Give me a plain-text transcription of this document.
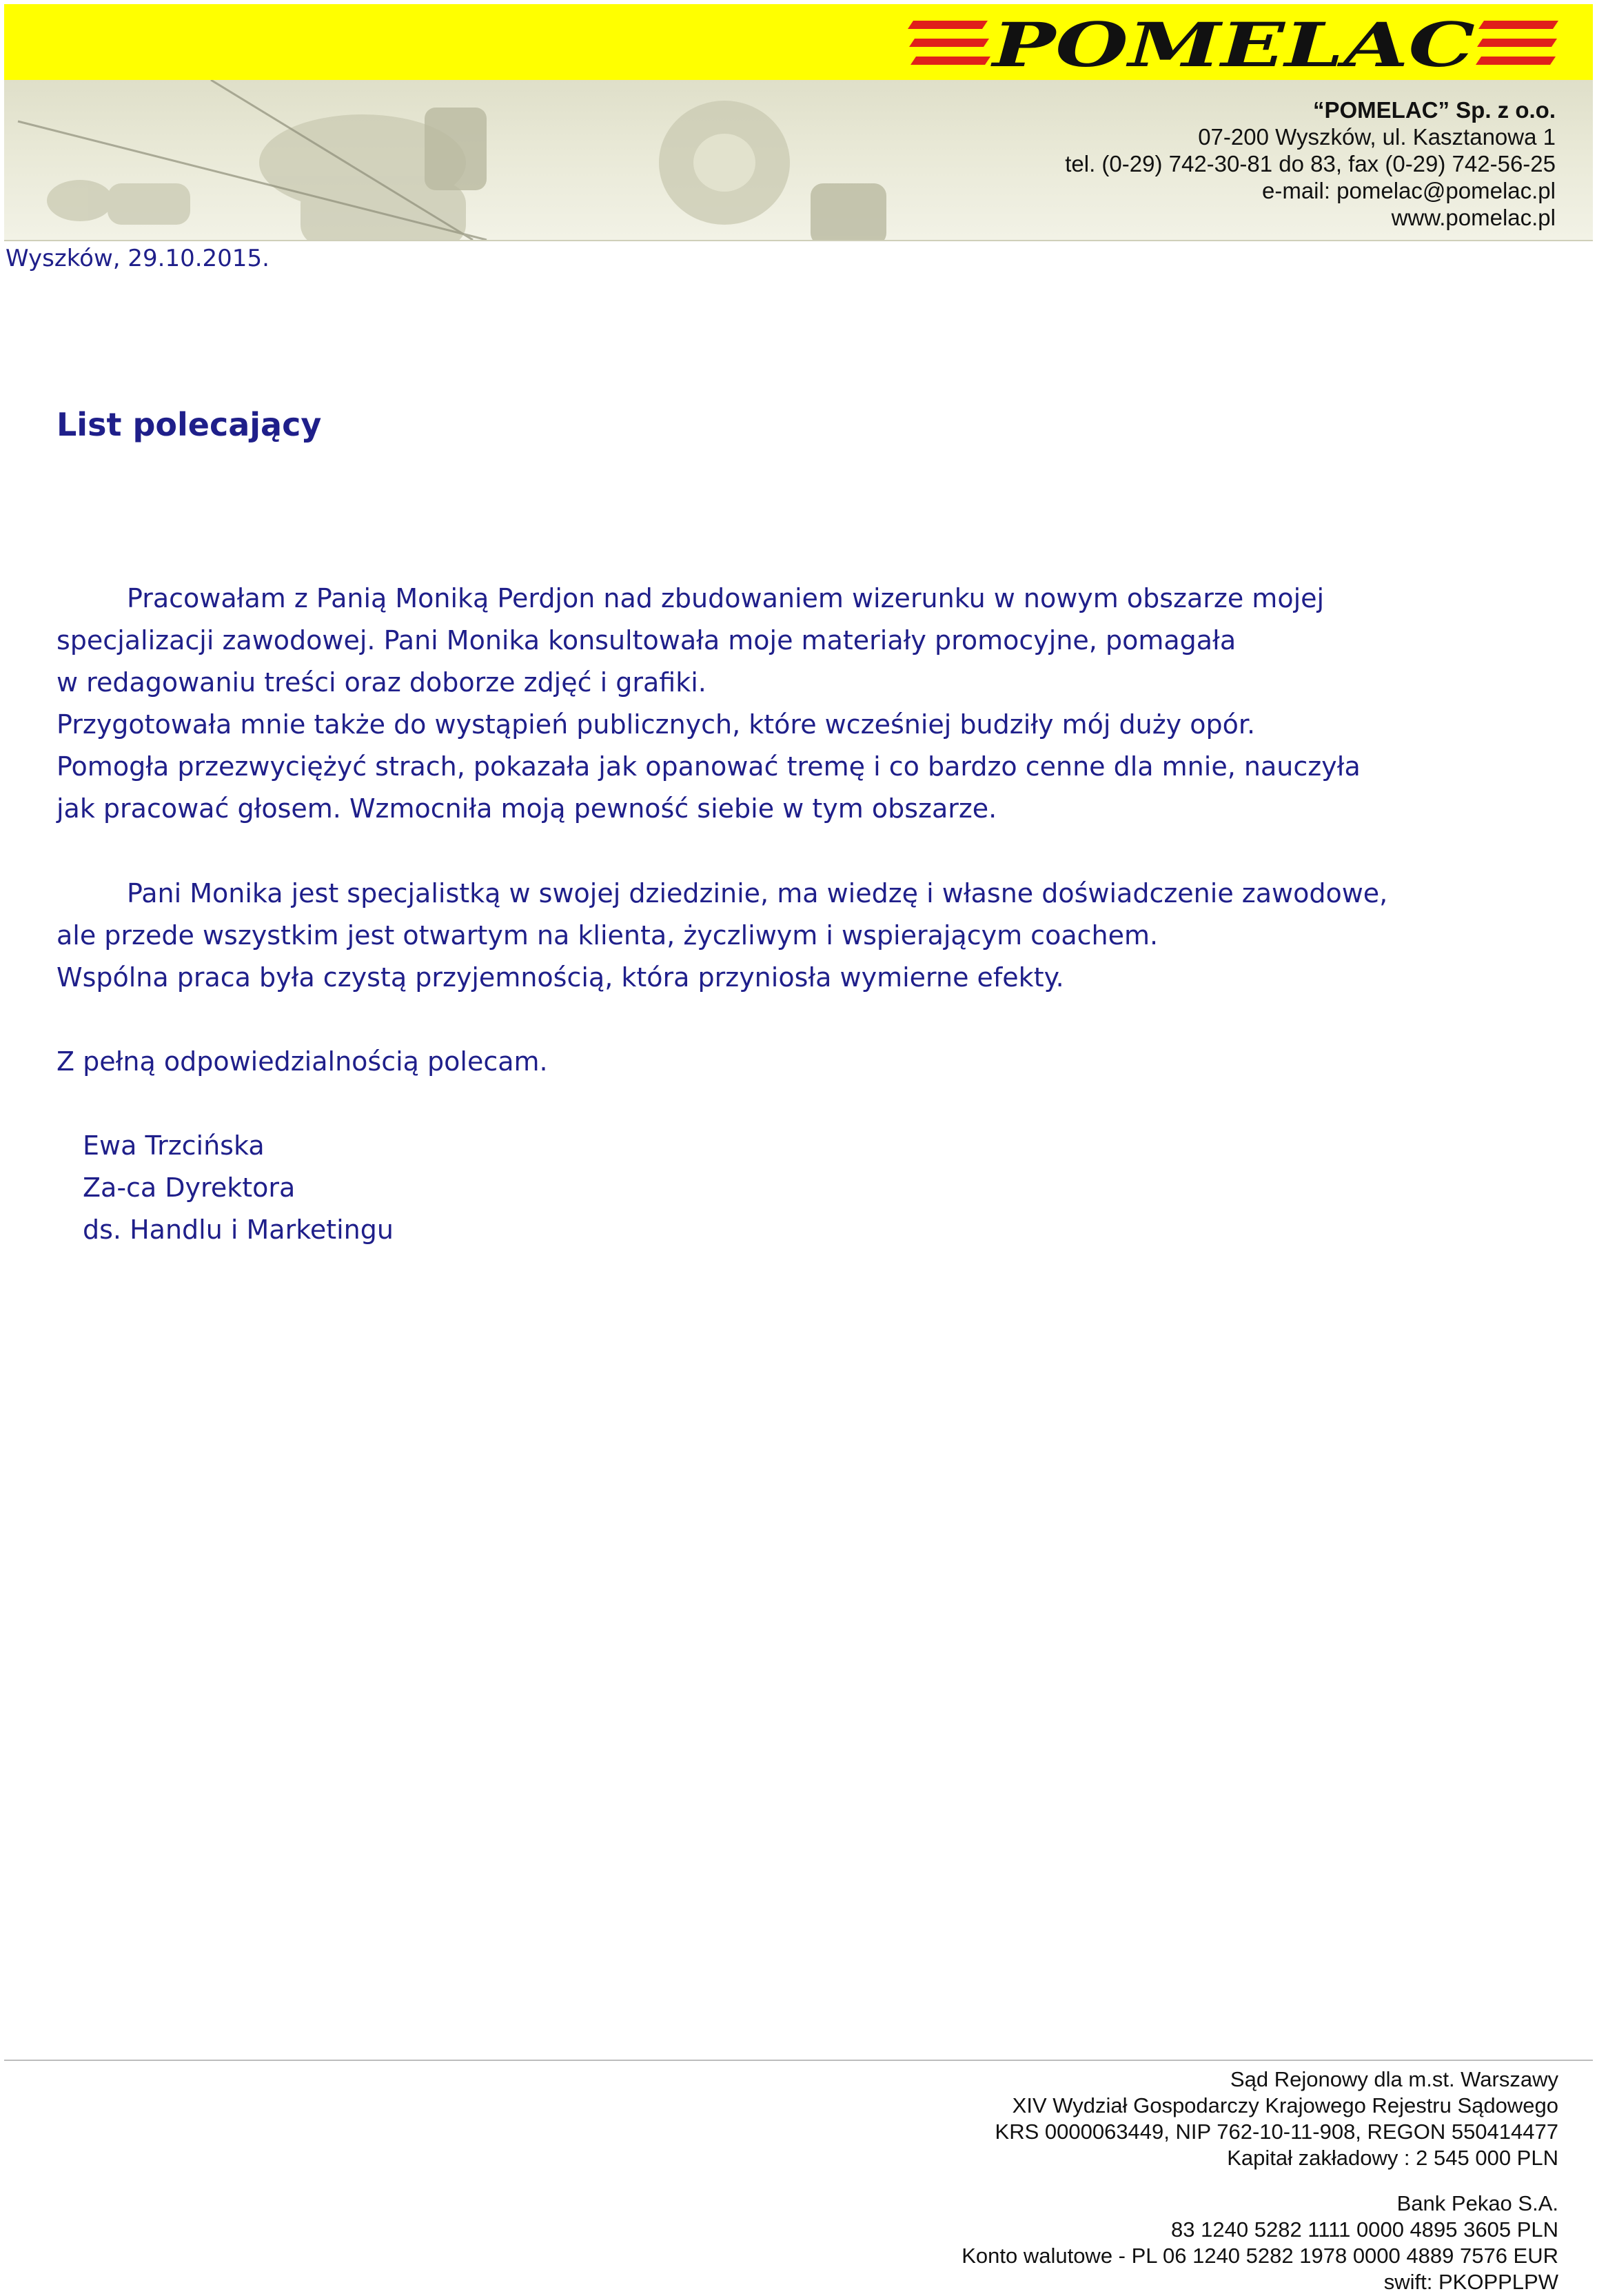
POMELAC
“POMELAC” Sp. z o.o.
07-200 Wyszków, ul. Kasztanowa 1
tel. (0-29) 742-30-81 do 83, fax (0-29) 742-56-25
e-mail: pomelac@pomelac.pl
www.pomelac.pl
Wyszków, 29.10.2015.
List polecający

Pracowałam z Panią Moniką Perdjon nad zbudowaniem wizerunku w nowym obszarze mojej

specjalizacji zawodowej. Pani Monika konsultowała moje materiały promocyjne, pomagała

w redagowaniu treści oraz doborze zdjęć i grafiki.

Przygotowała mnie także do wystąpień publicznych, które wcześniej budziły mój duży opór.

Pomogła przezwyciężyć strach, pokazała jak opanować tremę i co bardzo cenne dla mnie, nauczyła

jak pracować głosem. Wzmocniła moją pewność siebie w tym obszarze.

Pani Monika jest specjalistką w swojej dziedzinie, ma wiedzę i własne doświadczenie zawodowe,

ale przede wszystkim jest otwartym na klienta, życzliwym i wspierającym coachem.

Wspólna praca była czystą przyjemnością, która przyniosła wymierne efekty.

Z pełną odpowiedzialnością polecam.

Ewa Trzcińska
Za-ca Dyrektora
ds. Handlu i Marketingu
Sąd Rejonowy dla m.st. Warszawy
XIV Wydział Gospodarczy Krajowego Rejestru Sądowego
KRS 0000063449, NIP 762-10-11-908, REGON 550414477
Kapitał zakładowy : 2 545 000 PLN
Bank Pekao S.A.
83 1240 5282 1111 0000 4895 3605 PLN
Konto walutowe - PL 06 1240 5282 1978 0000 4889 7576 EUR
swift: PKOPPLPW
